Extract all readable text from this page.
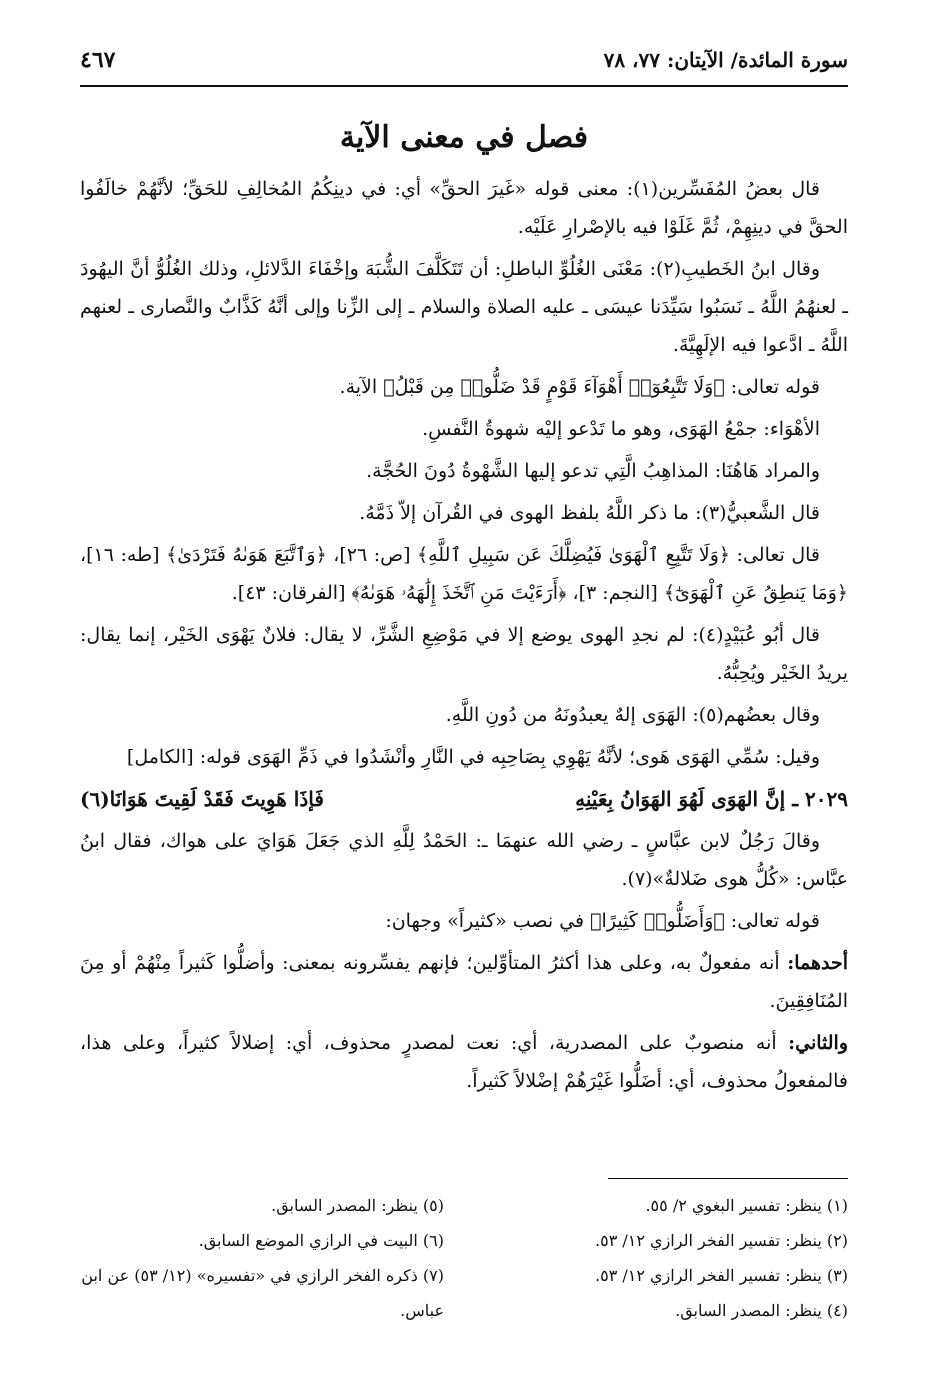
سورة المائدة/ الآيتان: ٧٧، ٧٨
٤٦٧
فصل في معنى الآية

قال بعضُ المُفَسِّرين(١): معنى قوله «غَيرَ الحقِّ» أي: في دينِكُمُ المُخالِفِ للحَقِّ؛ لأنَّهُمْ خالَفُوا الحقَّ في دينِهِمْ، ثُمَّ غَلَوْا فيه بالإصْرارِ عَلَيْه.

وقال ابنُ الخَطيبِ(٢): مَعْنَى الغُلُوِّ الباطلِ: أن تَتَكَلَّفَ الشُّبَهَ وإخْفَاءَ الدَّلائلِ، وذلك الغُلُوُّ أنَّ اليهُودَ ـ لعنهُمُ اللَّهُ ـ نَسَبُوا سَيِّدَنا عيسَى ـ عليه الصلاة والسلام ـ إلى الزِّنا وإلى أنَّهُ كَذَّابٌ والنَّصارى ـ لعنهم اللَّهُ ـ ادَّعوا فيه الإلَهِيَّةَ.

قوله تعالى: ﴿وَلَا تَتَّبِعُوٓا۟ أَهْوَآءَ قَوْمٍ قَدْ ضَلُّوا۟ مِن قَبْلُ﴾ الآية.

الأهْوَاء: جمْعُ الهَوَى، وهو ما تَدْعو إليْه شهوةُ النَّفسِ.

والمراد هَاهُنَا: المذاهِبُ الَّتِي تدعو إليها الشَّهْوةُ دُونَ الحُجَّة.

قال الشَّعبيُّ(٣): ما ذكر اللَّهُ بلفظ الهوى في القُرآن إلاّ ذَمَّهُ.

قال تعالى: ﴿وَلَا تَتَّبِعِ ٱلْهَوَىٰ فَيُضِلَّكَ عَن سَبِيلِ ٱللَّهِ﴾ [ص: ٢٦]، ﴿وَٱتَّبَعَ هَوَىٰهُ فَتَرْدَىٰ﴾ [طه: ١٦]، ﴿وَمَا يَنطِقُ عَنِ ٱلْهَوَىٰٓ﴾ [النجم: ٣]، ﴿أَرَءَيْتَ مَنِ ٱتَّخَذَ إِلَٰهَهُۥ هَوَىٰهُ﴾ [الفرقان: ٤٣].

قال أبُو عُبَيْدٍ(٤): لم نجدِ الهوى يوضع إلا في مَوْضِعِ الشَّرِّ، لا يقال: فلانٌ يَهْوَى الخَيْر، إنما يقال: يريدُ الخَيْر ويُحِبُّهُ.

وقال بعضُهم(٥): الهَوَى إلهٌ يعبدُونَهُ من دُونِ اللَّهِ.

وقيل: سُمِّي الهَوَى هَوى؛ لأنَّهُ يَهْوِي بِصَاحِبِه في النَّارِ وأنْشَدُوا في ذَمِّ الهَوَى قوله: [الكامل]

٢٠٢٩ ـ إنَّ الهَوَى لَهُوَ الهَوَانُ بِعَيْنِهِ
فَإذَا هَوِيتَ فَقَدْ لَقِيتَ هَوَانَا(٦)

وقالَ رَجُلٌ لابن عبَّاسٍ ـ رضي الله عنهمَا ـ: الحَمْدُ لِلَّهِ الذي جَعَلَ هَوَايَ على هواك، فقال ابنُ عبَّاس: «كُلُّ هوى ضَلالةٌ»(٧).

قوله تعالى: ﴿وَأَضَلُّوا۟ كَثِيرًا﴾ في نصب «كثيراً» وجهان:

أحدهما: أنه مفعولٌ به، وعلى هذا أكثرُ المتأوِّلين؛ فإنهم يفسِّرونه بمعنى: وأضلُّوا كَثيراً مِنْهُمْ أو مِنَ المُنَافِقِينَ.

والثاني: أنه منصوبٌ على المصدرية، أي: نعت لمصدرٍ محذوف، أي: إضلالاً كثيراً، وعلى هذا، فالمفعولُ محذوف، أي: أضَلُّوا غَيْرَهُمْ إضْلالاً كَثيراً.

(١) ينظر: تفسير البغوي ٢/ ٥٥.

(٢) ينظر: تفسير الفخر الرازي ١٢/ ٥٣.

(٣) ينظر: تفسير الفخر الرازي ١٢/ ٥٣.

(٤) ينظر: المصدر السابق.

(٥) ينظر: المصدر السابق.

(٦) البيت في الرازي الموضع السابق.

(٧) ذكره الفخر الرازي في «تفسيره» (١٢/ ٥٣) عن ابن عباس.
